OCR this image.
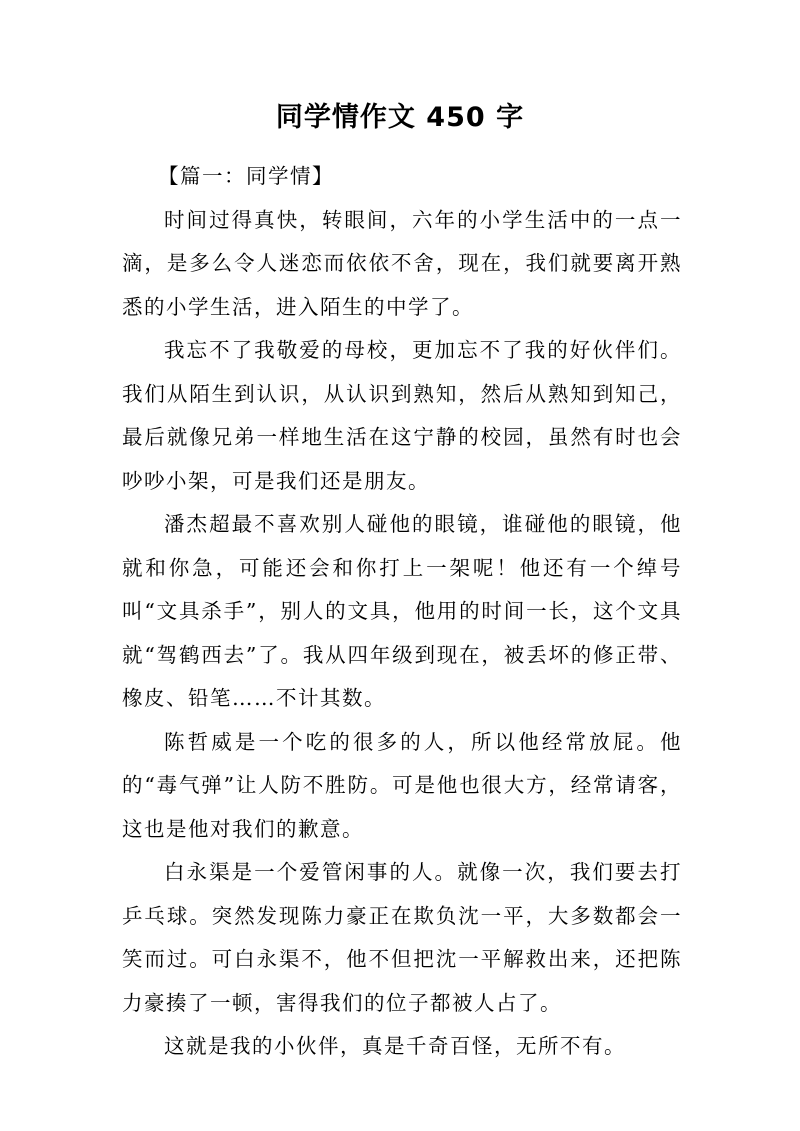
同学情作文 450 字

【篇一：同学情】

时间过得真快，转眼间，六年的小学生活中的一点一滴，是多么令人迷恋而依依不舍，现在，我们就要离开熟悉的小学生活，进入陌生的中学了。

我忘不了我敬爱的母校，更加忘不了我的好伙伴们。我们从陌生到认识，从认识到熟知，然后从熟知到知己，最后就像兄弟一样地生活在这宁静的校园，虽然有时也会吵吵小架，可是我们还是朋友。

潘杰超最不喜欢别人碰他的眼镜，谁碰他的眼镜，他就和你急，可能还会和你打上一架呢！他还有一个绰号叫“文具杀手”，别人的文具，他用的时间一长，这个文具就“驾鹤西去”了。我从四年级到现在，被丢坏的修正带、橡皮、铅笔……不计其数。

陈哲威是一个吃的很多的人，所以他经常放屁。他的“毒气弹”让人防不胜防。可是他也很大方，经常请客，这也是他对我们的歉意。

白永渠是一个爱管闲事的人。就像一次，我们要去打乒乓球。突然发现陈力豪正在欺负沈一平，大多数都会一笑而过。可白永渠不，他不但把沈一平解救出来，还把陈力豪揍了一顿，害得我们的位子都被人占了。

这就是我的小伙伴，真是千奇百怪，无所不有。
